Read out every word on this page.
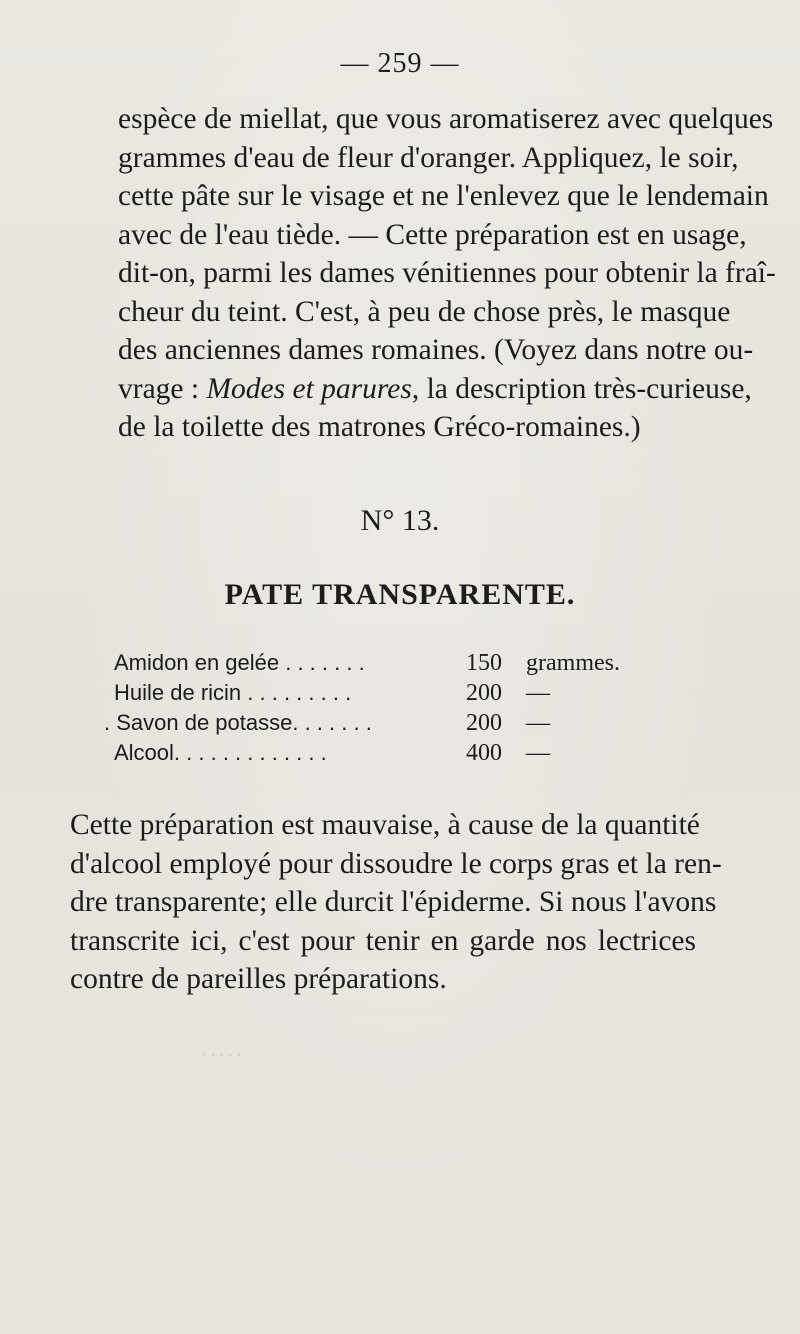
·····
— 259 —
espèce de miellat, que vous aromatiserez avec quelques
grammes d'eau de fleur d'oranger. Appliquez, le soir,
cette pâte sur le visage et ne l'enlevez que le lendemain
avec de l'eau tiède. — Cette préparation est en usage,
dit-on, parmi les dames vénitiennes pour obtenir la fraî-
cheur du teint. C'est, à peu de chose près, le masque
des anciennes dames romaines. (Voyez dans notre ou-
vrage : Modes et parures, la description très-curieuse,
de la toilette des matrones Gréco-romaines.)
N° 13.
PATE TRANSPARENTE.
Amidon en gelée . . . . . . .	150 grammes.
Huile de ricin . . . . . . . . .	200 —
. Savon de potasse. . . . . . .	200 —
Alcool. . . . . . . . . . . . .	400 —
Cette préparation est mauvaise, à cause de la quantité
d'alcool employé pour dissoudre le corps gras et la ren-
dre transparente; elle durcit l'épiderme. Si nous l'avons
transcrite ici, c'est pour tenir en garde nos lectrices
contre de pareilles préparations.
